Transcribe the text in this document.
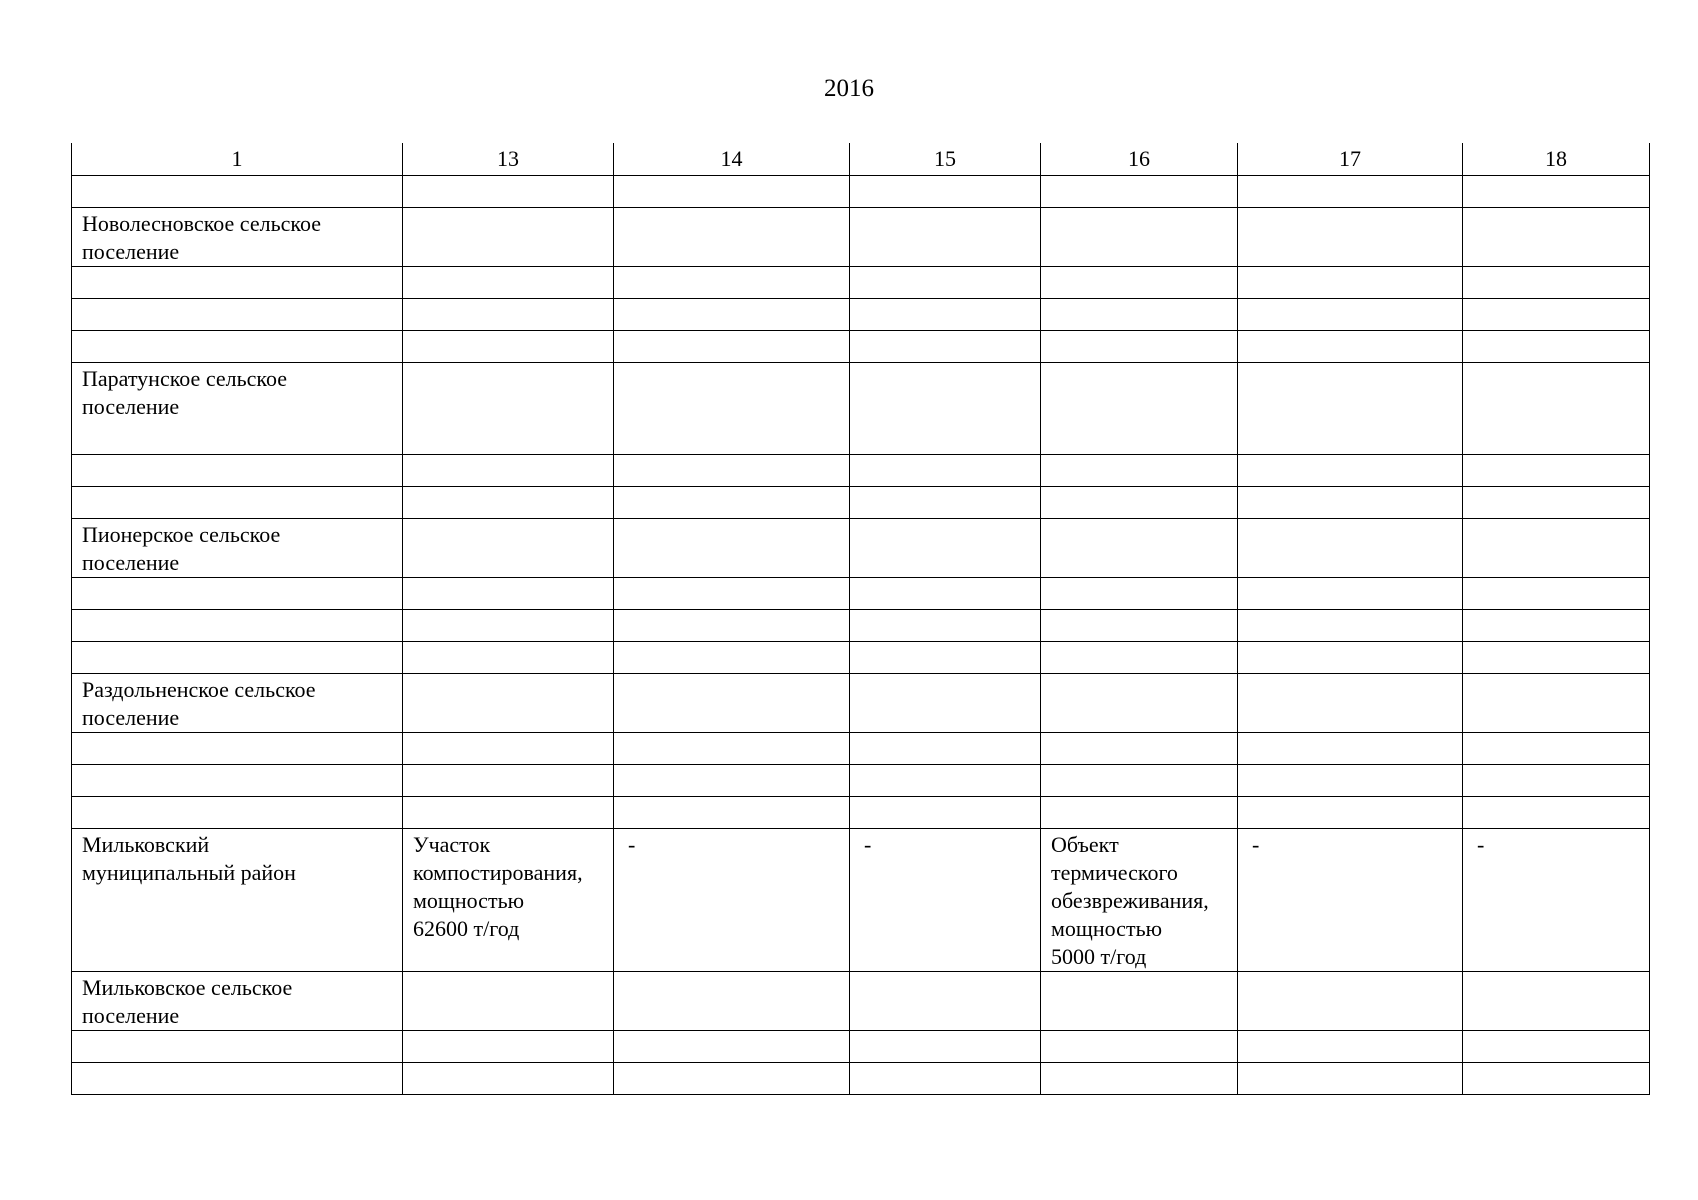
2016
1	13	14	15	16	17	18

Новолесновское сельское
поселение						

Паратунское сельское
поселение						

Пионерское сельское
поселение						

Раздольненское сельское
поселение						

Мильковский
муниципальный район	Участок
компостирования,
мощностью
62600 т/год	-	-	Объект
термического
обезвреживания,
мощностью
5000 т/год	-	-

Мильковское сельское
поселение						
